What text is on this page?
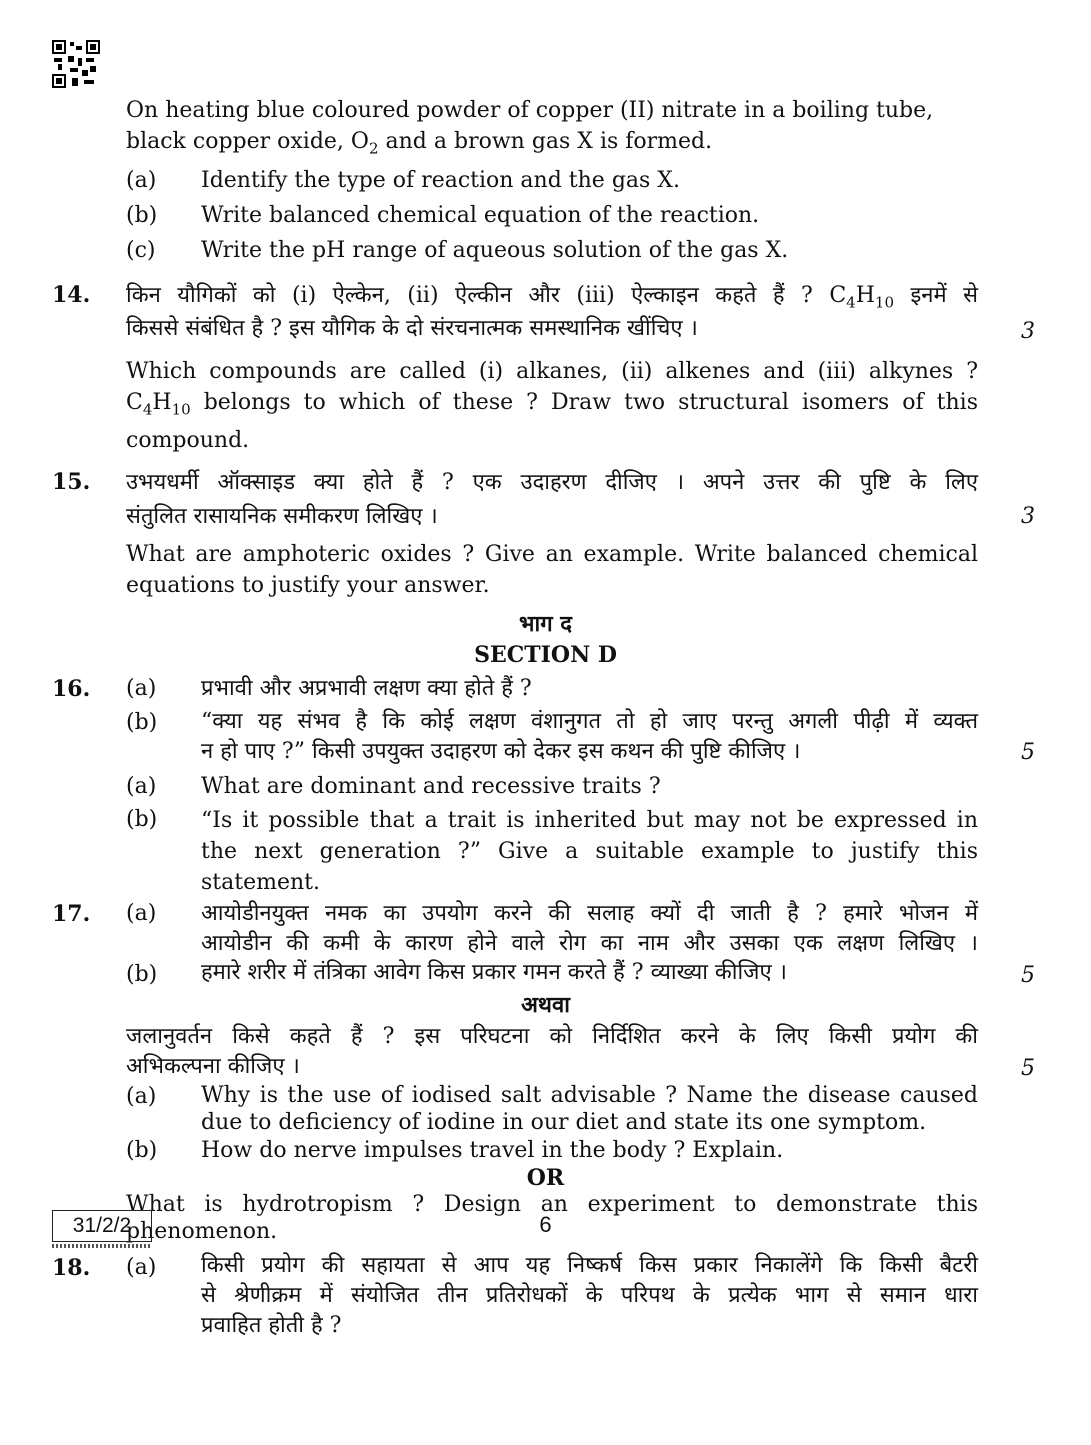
On heating blue coloured powder of copper (II) nitrate in a boiling tube,
black copper oxide, $O_2$ and a brown gas X is formed.
(a) Identify the type of reaction and the gas X.
(b) Write balanced chemical equation of the reaction.
(c) Write the pH range of aqueous solution of the gas X.
14. किन यौगिकों को (i) ऐल्केन, (ii) ऐल्कीन और (iii) ऐल्काइन कहते हैं ? $C_4H_{10}$ इनमें से
किससे संबंधित है ? इस यौगिक के दो संरचनात्मक समस्थानिक खींचिए ।	3
Which compounds are called (i) alkanes, (ii) alkenes and (iii) alkynes ? $C_4H_{10}$ belongs to which of these ? Draw two structural isomers of this compound.
15. उभयधर्मी ऑक्साइड क्या होते हैं ? एक उदाहरण दीजिए । अपने उत्तर की पुष्टि के लिए
संतुलित रासायनिक समीकरण लिखिए ।	3
What are amphoteric oxides ? Give an example. Write balanced chemical equations to justify your answer.
भाग द
SECTION D
16. (a) प्रभावी और अप्रभावी लक्षण क्या होते हैं ?
(b) “क्या यह संभव है कि कोई लक्षण वंशानुगत तो हो जाए परन्तु अगली पीढ़ी में व्यक्त
न हो पाए ?” किसी उपयुक्त उदाहरण को देकर इस कथन की पुष्टि कीजिए ।	5
(a) What are dominant and recessive traits ?
(b) “Is it possible that a trait is inherited but may not be expressed in the next generation ?” Give a suitable example to justify this statement.
17. (a) आयोडीनयुक्त नमक का उपयोग करने की सलाह क्यों दी जाती है ? हमारे भोजन में
आयोडीन की कमी के कारण होने वाले रोग का नाम और उसका एक लक्षण लिखिए ।
(b) हमारे शरीर में तंत्रिका आवेग किस प्रकार गमन करते हैं ? व्याख्या कीजिए ।	5
अथवा
जलानुवर्तन किसे कहते हैं ? इस परिघटना को निर्दिशित करने के लिए किसी प्रयोग की
अभिकल्पना कीजिए ।	5
(a) Why is the use of iodised salt advisable ? Name the disease caused due to deficiency of iodine in our diet and state its one symptom.
(b) How do nerve impulses travel in the body ? Explain.
OR
What is hydrotropism ? Design an experiment to demonstrate this phenomenon.
18. (a) किसी प्रयोग की सहायता से आप यह निष्कर्ष किस प्रकार निकालेंगे कि किसी बैटरी
से श्रेणीक्रम में संयोजित तीन प्रतिरोधकों के परिपथ के प्रत्येक भाग से समान धारा
प्रवाहित होती है ?
31/2/2	6
